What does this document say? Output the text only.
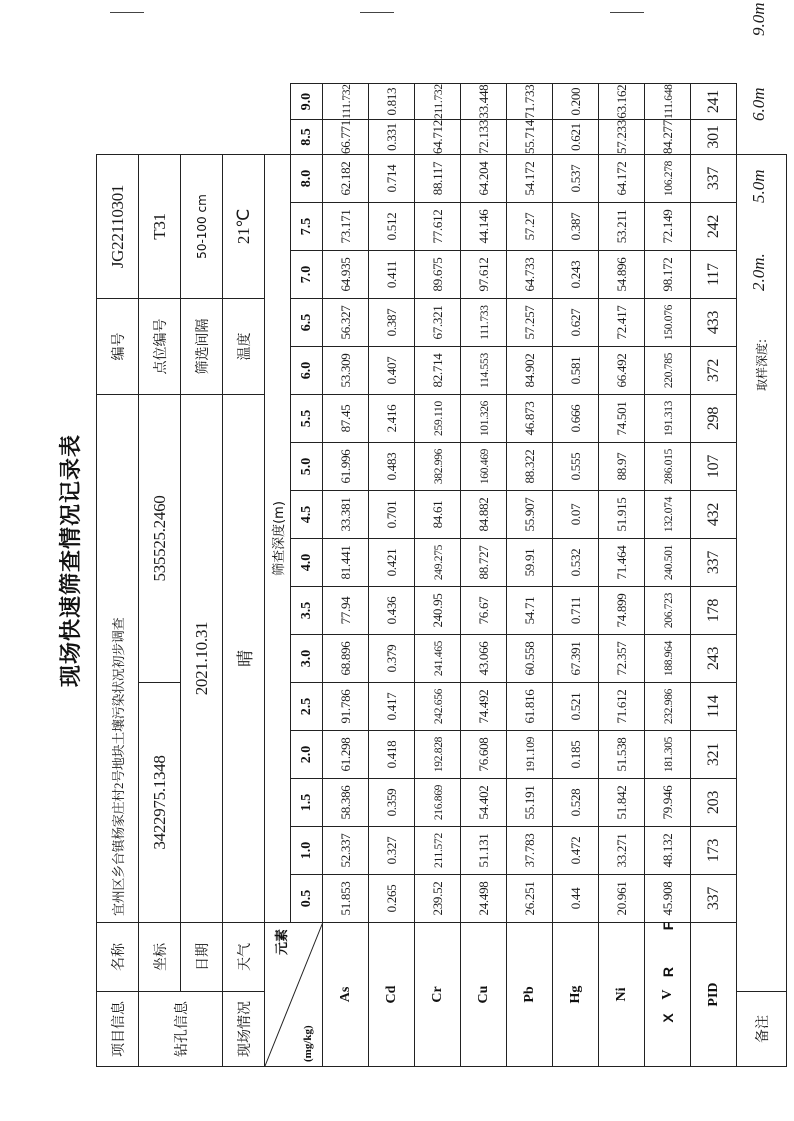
现场快速筛查情况记录表
项目信息	名称	宜州区乡台镇杨家庄村2号地块土壤污染状况初步调查											编号		JG22110301				
钻孔信息	坐标	3422975.1348					535525.2460						点位编号		T31				
	日期	2021.10.31											筛选间隔		50-100 cm				
现场情况	天气	晴											温度		21℃				

元素
(mg/kg)		筛查深度(m)																	
		0.5	1.0	1.5	2.0	2.5	3.0	3.5	4.0	4.5	5.0	5.5	6.0	6.5	7.0	7.5	8.0	8.5	9.0
As		51.853	52.337	58.386	61.298	91.786	68.896	77.94	81.441	33.381	61.996	87.45	53.309	56.327	64.935	73.171	62.182	66.771	111.732
Cd		0.265	0.327	0.359	0.418	0.417	0.379	0.436	0.421	0.701	0.483	2.416	0.407	0.387	0.411	0.512	0.714	0.331	0.813
Cr		239.52	211.572	216.869	192.828	242.656	241.465	240.95	249.275	84.61	382.996	259.110	82.714	67.321	89.675	77.612	88.117	64.712	211.732
Cu		24.498	51.131	54.402	76.608	74.492	43.066	76.67	88.727	84.882	160.469	101.326	114.553	111.733	97.612	44.146	64.204	72.133	33.448
Pb		26.251	37.783	55.191	191.109	61.816	60.558	54.71	59.91	55.907	88.322	46.873	84.902	57.257	64.733	57.27	54.172	55.714	71.733
Hg		0.44	0.472	0.528	0.185	0.521	67.391	0.711	0.532	0.07	0.555	0.666	0.581	0.627	0.243	0.387	0.537	0.621	0.200
Ni		20.961	33.271	51.842	51.538	71.612	72.357	74.899	71.464	51.915	88.97	74.501	66.492	72.417	54.896	53.211	64.172	57.233	63.162
V		45.908	48.132	79.946	181.305	232.986	188.964	206.723	240.501	132.074	286.015	191.313	220.785	150.076	98.172	72.149	106.278	84.277	111.648
PID		337	173	203	321	114	243	178	337	432	107	298	372	433	117	242	337	301	241
备注	取样深度:
2.0m.
5.0m
6.0m
9.0m																		
X
R
F
